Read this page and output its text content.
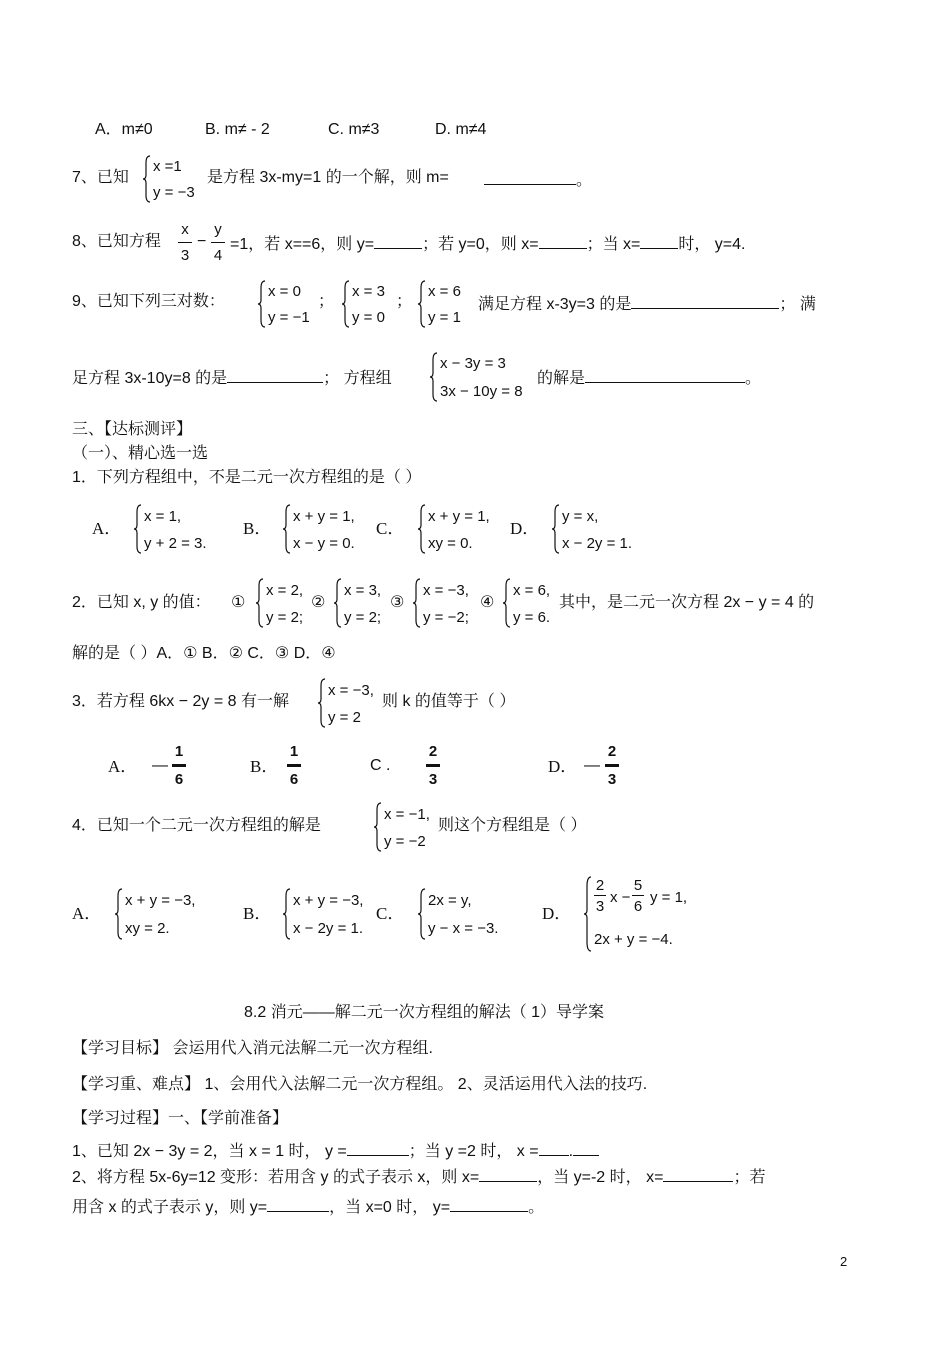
A．m≠0	B. m≠ - 2	C. m≠3	D. m≠4
7、已知
x =1
y = −3
是方程 3x-my=1 的一个解，则 m=	。
8、已知方程
x
3
−
y
4
=1，若 x==6，则 y=	；若 y=0，则 x=	；当 x= 时， y=4.
9、已知下列三对数：
x = 0
y = −1
；
x = 3
y = 0
；
x = 6
y = 1
满足方程 x-3y=3 的是	； 满
足方程 3x-10y=8 的是	； 方程组
x − 3y = 3
3x − 10y = 8
的解是	。
三、【达标测评】
（一）、精心选一选
1．下列方程组中，不是二元一次方程组的是（ ）
A．
x = 1,
y + 2 = 3.
B．
x + y = 1,
x − y = 0.
C．
x + y = 1,
xy = 0.
D．
y = x,
x − 2y = 1.
2．已知 x, y 的值： ①
x = 2,
y = 2;
②
x = 3,
y = 2;
③
x = −3,
y = −2;
④
x = 6,
y = 6.
其中，是二元一次方程 2x − y = 4 的
解的是（ ）A．① B．② C．③ D．④
3．若方程 6kx − 2y = 8 有一解
x = −3,
y = 2
则 k 的值等于（ ）
A． —
1
6
B．
1
6
C .
2
3
D． —
2
3
4．已知一个二元一次方程组的解是
x = −1,
y = −2
则这个方程组是（ ）
A．
x + y = −3,
xy = 2.
B．
x + y = −3,
x − 2y = 1.
C．
2x = y,
y − x = −3.
D．
2
3
x −
5
6
y = 1,
2x + y = −4.
8.2 消元——解二元一次方程组的解法（ 1）导学案
【学习目标】 会运用代入消元法解二元一次方程组.
【学习重、难点】 1、会用代入法解二元一次方程组。 2、灵活运用代入法的技巧.
【学习过程】一、【学前准备】
1、已知 2x − 3y = 2，当 x = 1 时， y =	；当 y =2 时， x = .
2、将方程 5x-6y=12 变形：若用含 y 的式子表示 x，则 x=	，当 y=-2 时， x=	；若
用含 x 的式子表示 y，则 y=	，当 x=0 时， y=	。
2
